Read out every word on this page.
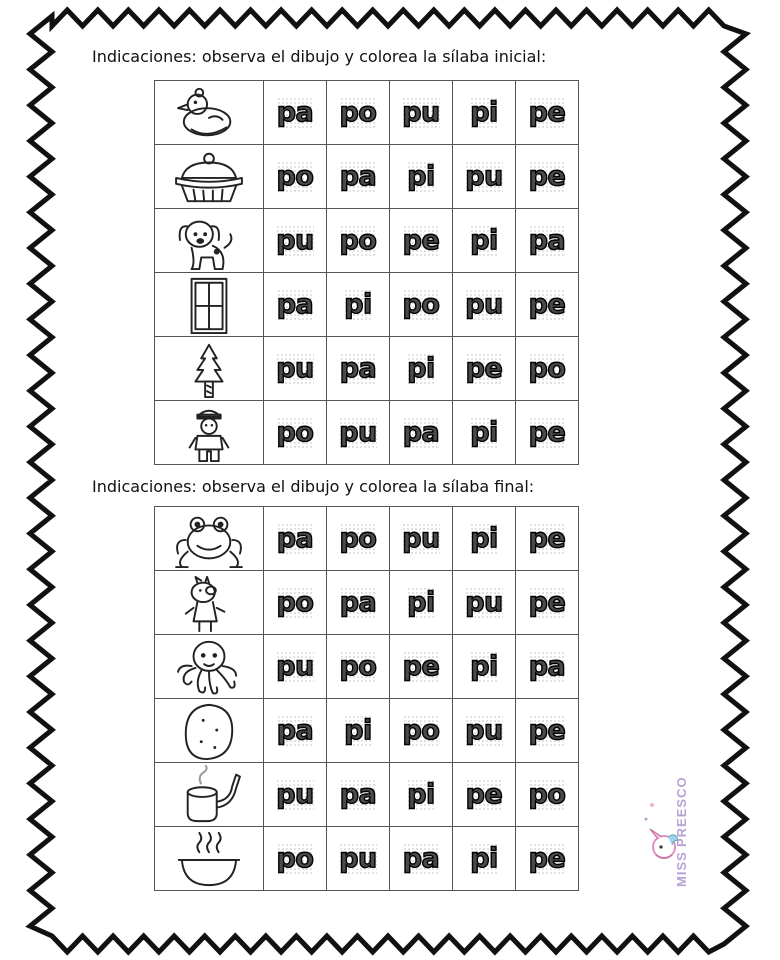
Indicaciones: observa el dibujo y colorea la sílaba inicial:
	pa	po	pu	pi	pe

	po	pa	pi	pu	pe

	pu	po	pe	pi	pa

	pa	pi	po	pu	pe

	pu	pa	pi	pe	po

	po	pu	pa	pi	pe
Indicaciones: observa el dibujo y colorea la sílaba final:
	pa	po	pu	pi	pe

	po	pa	pi	pu	pe

	pu	po	pe	pi	pa

	pa	pi	po	pu	pe

	pu	pa	pi	pe	po

	po	pu	pa	pi	pe	MISS
PREESCO
